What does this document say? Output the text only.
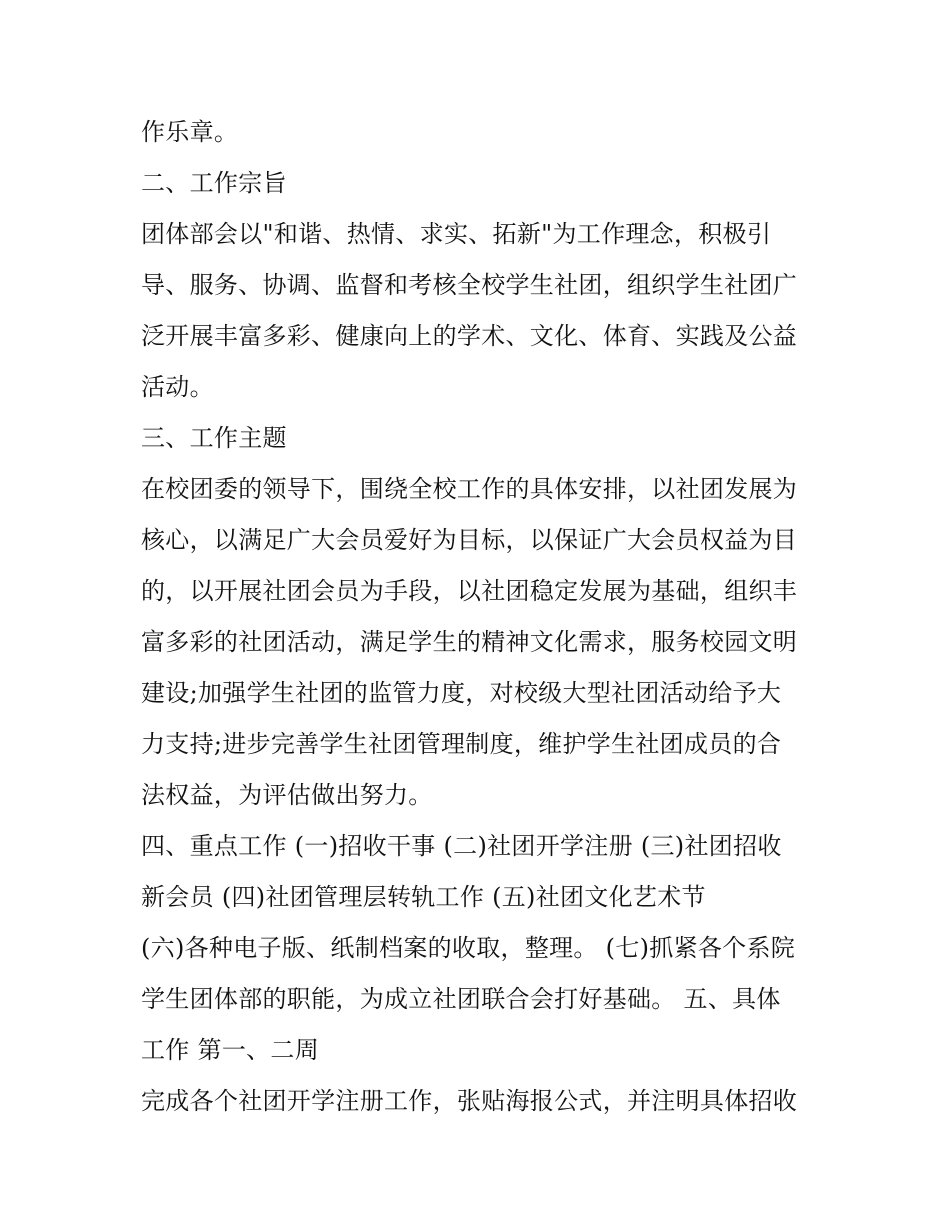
作乐章。
二、工作宗旨
团体部会以"和谐、热情、求实、拓新"为工作理念，积极引
导、服务、协调、监督和考核全校学生社团，组织学生社团广
泛开展丰富多彩、健康向上的学术、文化、体育、实践及公益
活动。
三、工作主题
在校团委的领导下，围绕全校工作的具体安排，以社团发展为
核心，以满足广大会员爱好为目标，以保证广大会员权益为目
的，以开展社团会员为手段，以社团稳定发展为基础，组织丰
富多彩的社团活动，满足学生的精神文化需求，服务校园文明
建设;加强学生社团的监管力度，对校级大型社团活动给予大
力支持;进步完善学生社团管理制度，维护学生社团成员的合
法权益，为评估做出努力。
四、重点工作 (一)招收干事 (二)社团开学注册 (三)社团招收
新会员 (四)社团管理层转轨工作 (五)社团文化艺术节
(六)各种电子版、纸制档案的收取，整理。 (七)抓紧各个系院
学生团体部的职能，为成立社团联合会打好基础。 五、具体
工作 第一、二周
完成各个社团开学注册工作，张贴海报公式，并注明具体招收
